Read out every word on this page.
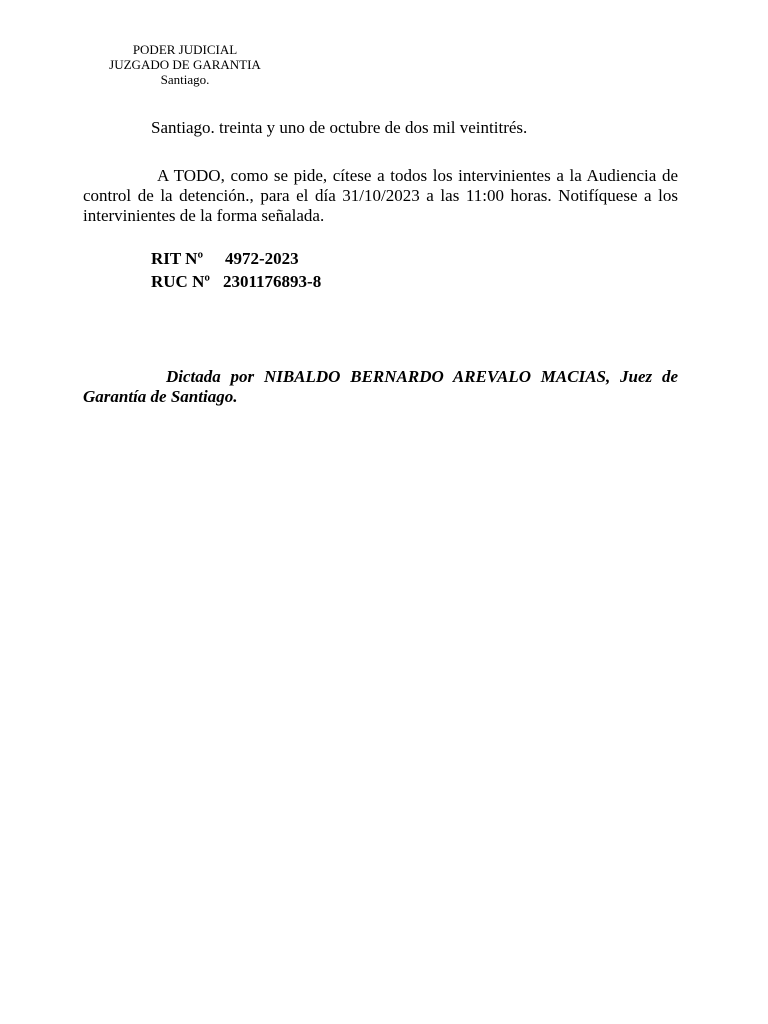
PODER JUDICIAL
JUZGADO DE GARANTIA
Santiago.
Santiago. treinta y uno de octubre de dos mil veintitrés.
A TODO, como se pide, cítese a todos los intervinientes a la Audiencia de control de la detención., para el día 31/10/2023 a las 11:00 horas. Notifíquese a los intervinientes de la forma señalada.
RIT Nº 4972-2023
RUC Nº 2301176893-8
Dictada por NIBALDO BERNARDO AREVALO MACIAS, Juez de Garantía de Santiago.
